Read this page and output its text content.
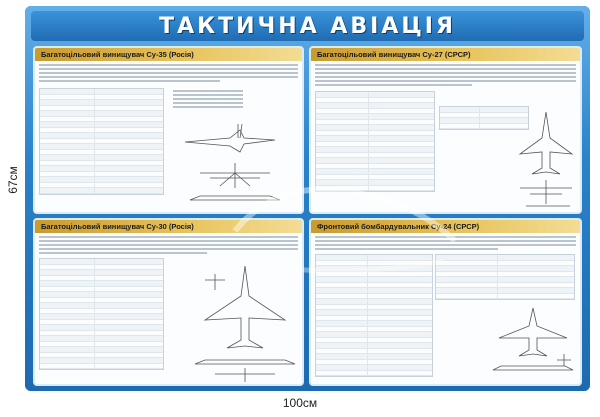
67см
100см
ТАКТИЧНА АВІАЦІЯ
Багатоцільовий винищувач Су-35 (Росія)	Багатоцільовий винищувач Су-27 (СРСР)
Багатоцільовий винищувач Су-30 (Росія)	Фронтовий бомбардувальник Су-24 (СРСР)
